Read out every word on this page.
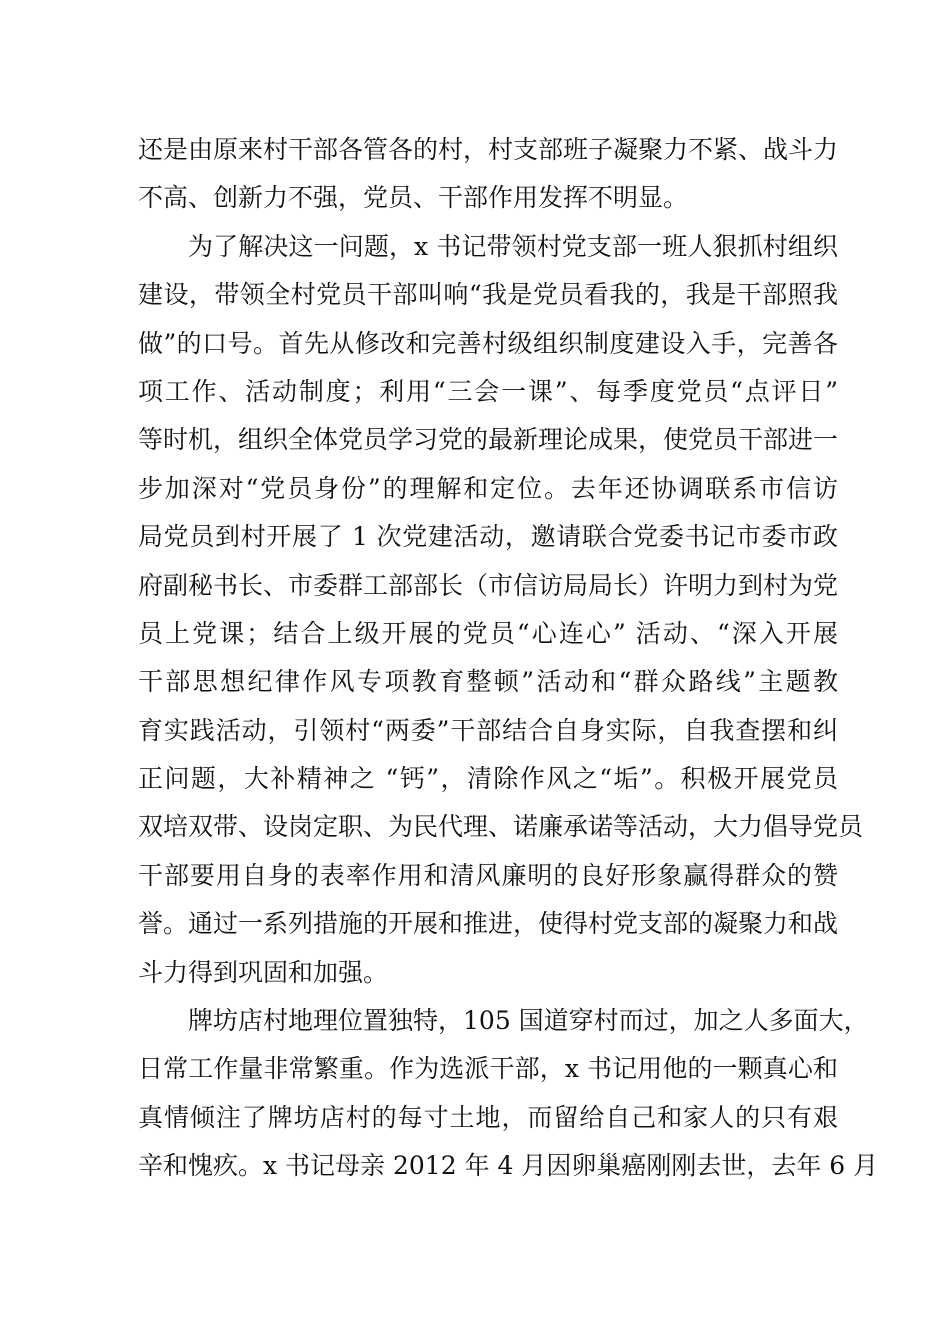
还是由原来村干部各管各的村，村支部班子凝聚力不紧、战斗力
不高、创新力不强，党员、干部作用发挥不明显。
为了解决这一问题，x 书记带领村党支部一班人狠抓村组织
建设，带领全村党员干部叫响“我是党员看我的，我是干部照我
做”的口号。首先从修改和完善村级组织制度建设入手，完善各
项工作、活动制度；利用“三会一课”、每季度党员“点评日”
等时机，组织全体党员学习党的最新理论成果，使党员干部进一
步加深对“党员身份”的理解和定位。去年还协调联系市信访
局党员到村开展了 1 次党建活动，邀请联合党委书记市委市政
府副秘书长、市委群工部部长（市信访局局长）许明力到村为党
员上党课；结合上级开展的党员“心连心” 活动、“深入开展
干部思想纪律作风专项教育整顿”活动和“群众路线”主题教
育实践活动，引领村“两委”干部结合自身实际，自我查摆和纠
正问题，大补精神之 “钙”，清除作风之“垢”。积极开展党员
双培双带、设岗定职、为民代理、诺廉承诺等活动，大力倡导党员
干部要用自身的表率作用和清风廉明的良好形象赢得群众的赞
誉。通过一系列措施的开展和推进，使得村党支部的凝聚力和战
斗力得到巩固和加强。
牌坊店村地理位置独特，105 国道穿村而过，加之人多面大，
日常工作量非常繁重。作为选派干部，x 书记用他的一颗真心和
真情倾注了牌坊店村的每寸土地，而留给自己和家人的只有艰
辛和愧疚。x 书记母亲 2012 年 4 月因卵巢癌刚刚去世，去年 6 月
